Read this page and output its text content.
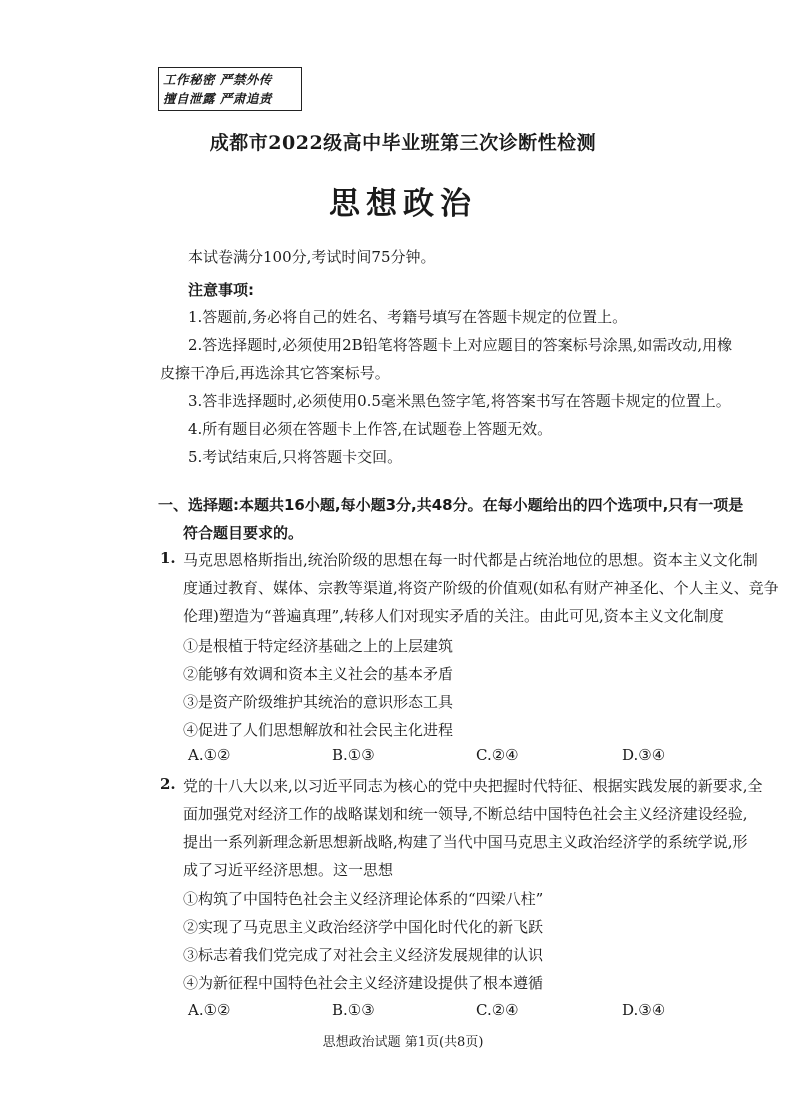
工作秘密 严禁外传
擅自泄露 严肃追责
成都市2022级高中毕业班第三次诊断性检测
思想政治
本试卷满分100分,考试时间75分钟。
注意事项:
1.答题前,务必将自己的姓名、考籍号填写在答题卡规定的位置上。
2.答选择题时,必须使用2B铅笔将答题卡上对应题目的答案标号涂黑,如需改动,用橡
皮擦干净后,再选涂其它答案标号。
3.答非选择题时,必须使用0.5毫米黑色签字笔,将答案书写在答题卡规定的位置上。
4.所有题目必须在答题卡上作答,在试题卷上答题无效。
5.考试结束后,只将答题卡交回。
一、选择题:本题共16小题,每小题3分,共48分。在每小题给出的四个选项中,只有一项是
符合题目要求的。
1. 马克思恩格斯指出,统治阶级的思想在每一时代都是占统治地位的思想。资本主义文化制
度通过教育、媒体、宗教等渠道,将资产阶级的价值观(如私有财产神圣化、个人主义、竞争
伦理)塑造为“普遍真理”,转移人们对现实矛盾的关注。由此可见,资本主义文化制度
①是根植于特定经济基础之上的上层建筑
②能够有效调和资本主义社会的基本矛盾
③是资产阶级维护其统治的意识形态工具
④促进了人们思想解放和社会民主化进程
A.①②	B.①③	C.②④	D.③④
2. 党的十八大以来,以习近平同志为核心的党中央把握时代特征、根据实践发展的新要求,全
面加强党对经济工作的战略谋划和统一领导,不断总结中国特色社会主义经济建设经验,
提出一系列新理念新思想新战略,构建了当代中国马克思主义政治经济学的系统学说,形
成了习近平经济思想。这一思想
①构筑了中国特色社会主义经济理论体系的“四梁八柱”
②实现了马克思主义政治经济学中国化时代化的新飞跃
③标志着我们党完成了对社会主义经济发展规律的认识
④为新征程中国特色社会主义经济建设提供了根本遵循
A.①②	B.①③	C.②④	D.③④
思想政治试题 第1页(共8页)
